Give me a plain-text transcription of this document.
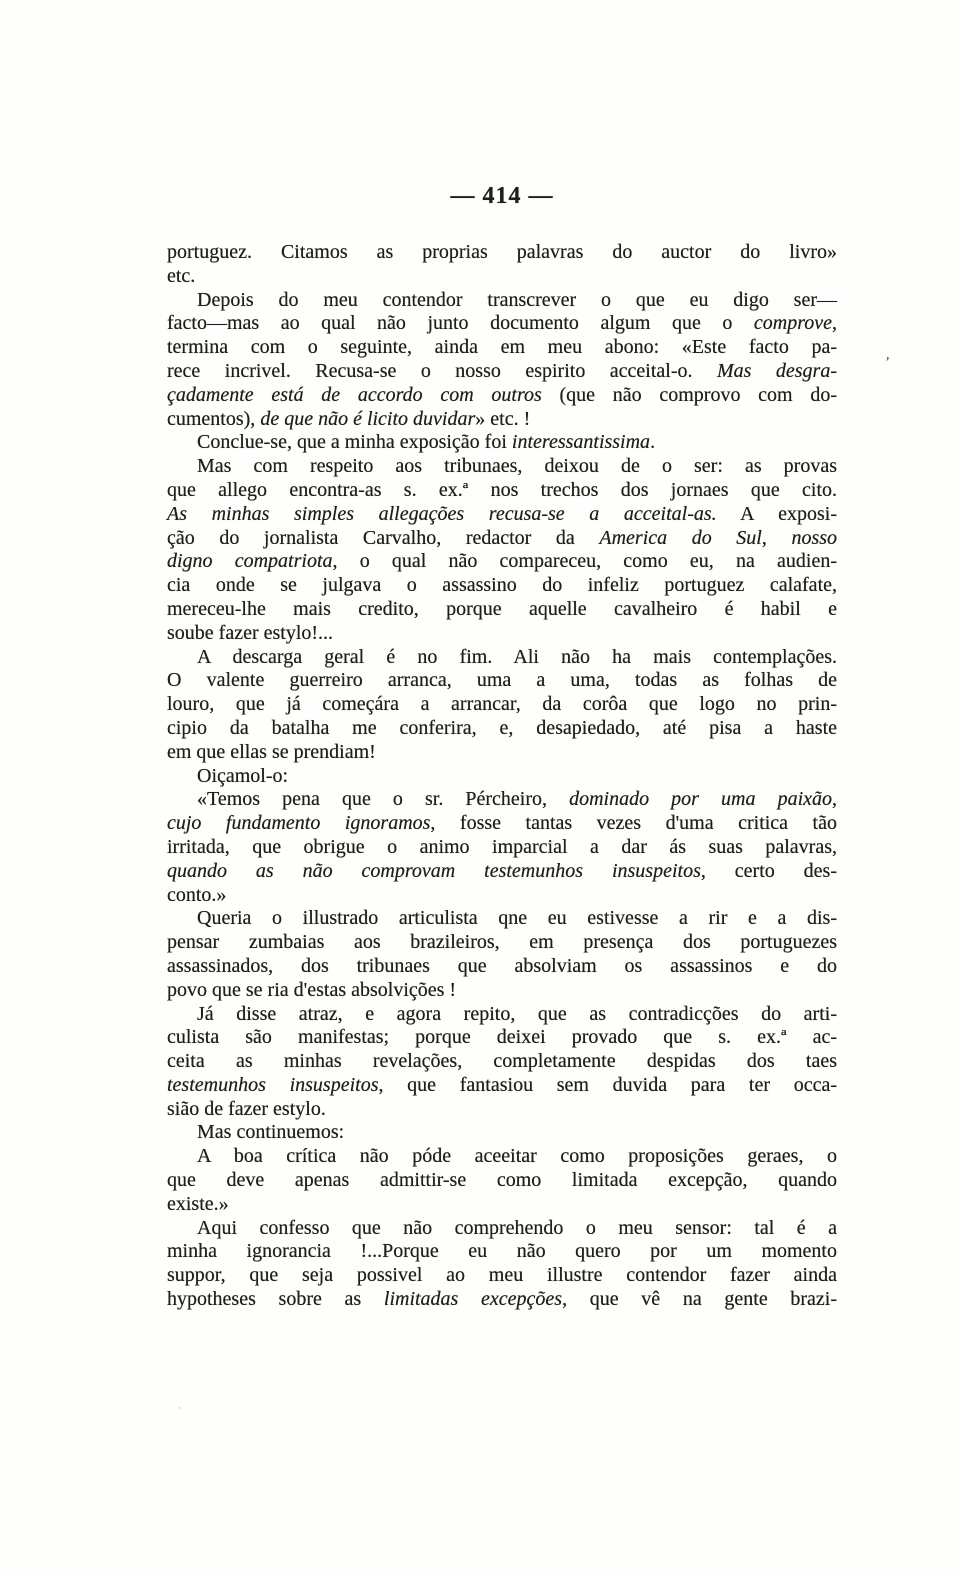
— 414 —
portuguez. Citamos as proprias palavras do auctor do livro»
etc.
Depois do meu contendor transcrever o que eu digo ser—
facto—mas ao qual não junto documento algum que o comprove,
termina com o seguinte, ainda em meu abono: «Este facto pa-
rece incrivel. Recusa-se o nosso espirito acceital-o. Mas desgra-
çadamente está de accordo com outros (que não comprovo com do-
cumentos), de que não é licito duvidar» etc. !
Conclue-se, que a minha exposição foi interessantissima.
Mas com respeito aos tribunaes, deixou de o ser: as provas
que allego encontra-as s. ex.ª nos trechos dos jornaes que cito.
As minhas simples allegações recusa-se a acceital-as. A exposi-
ção do jornalista Carvalho, redactor da America do Sul, nosso
digno compatriota, o qual não compareceu, como eu, na audien-
cia onde se julgava o assassino do infeliz portuguez calafate,
mereceu-lhe mais credito, porque aquelle cavalheiro é habil e
soube fazer estylo!...
A descarga geral é no fim. Ali não ha mais contemplações.
O valente guerreiro arranca, uma a uma, todas as folhas de
louro, que já começára a arrancar, da corôa que logo no prin-
cipio da batalha me conferira, e, desapiedado, até pisa a haste
em que ellas se prendiam!
Oiçamol-o:
«Temos pena que o sr. Pércheiro, dominado por uma paixão,
cujo fundamento ignoramos, fosse tantas vezes d'uma critica tão
irritada, que obrigue o animo imparcial a dar ás suas palavras,
quando as não comprovam testemunhos insuspeitos, certo des-
conto.»
Queria o illustrado articulista qne eu estivesse a rir e a dis-
pensar zumbaias aos brazileiros, em presença dos portuguezes
assassinados, dos tribunaes que absolviam os assassinos e do
povo que se ria d'estas absolvições !
Já disse atraz, e agora repito, que as contradicções do arti-
culista são manifestas; porque deixei provado que s. ex.ª ac-
ceita as minhas revelações, completamente despidas dos taes
testemunhos insuspeitos, que fantasiou sem duvida para ter occa-
sião de fazer estylo.
Mas continuemos:
A boa crítica não póde aceeitar como proposições geraes, o
que deve apenas admittir-se como limitada excepção, quando
existe.»
Aqui confesso que não comprehendo o meu sensor: tal é a
minha ignorancia !...Porque eu não quero por um momento
suppor, que seja possivel ao meu illustre contendor fazer ainda
hypotheses sobre as limitadas excepções, que vê na gente brazi-
’
·
